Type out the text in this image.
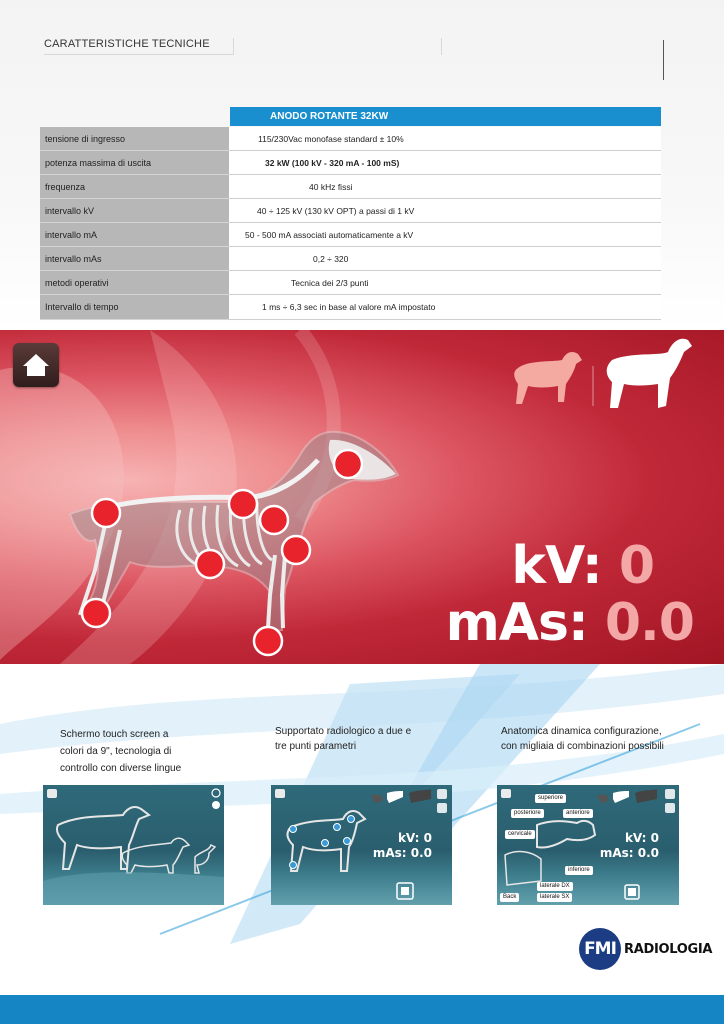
CARATTERISTICHE TECNICHE
ANODO ROTANTE 32KW
tensione di ingresso	115/230Vac monofase standard ± 10%
potenza massima di uscita	32 kW (100 kV - 320 mA - 100 mS)
frequenza	40 kHz fissi
intervallo kV	40 ÷ 125 kV (130 kV OPT) a passi di 1 kV
intervallo mA	50 - 500 mA associati automaticamente a kV
intervallo mAs	0,2 ÷ 320
metodi operativi	Tecnica dei 2/3 punti
Intervallo di tempo	1 ms ÷ 6,3 sec in base al valore mA impostato
kV: 0
mAs: 0.0
Schermo touch screen a
colori da 9", tecnologia di
controllo con diverse lingue
Supportato radiologico a due e
tre punti parametri
Anatomica dinamica configurazione,
con migliaia di combinazioni possibili
kV: 0
mAs: 0.0
superiore
posteriore	anteriore
cervicale
inferiore
laterale DX
laterale SX
Back
kV: 0
mAs: 0.0
FMI RADIOLOGIA
